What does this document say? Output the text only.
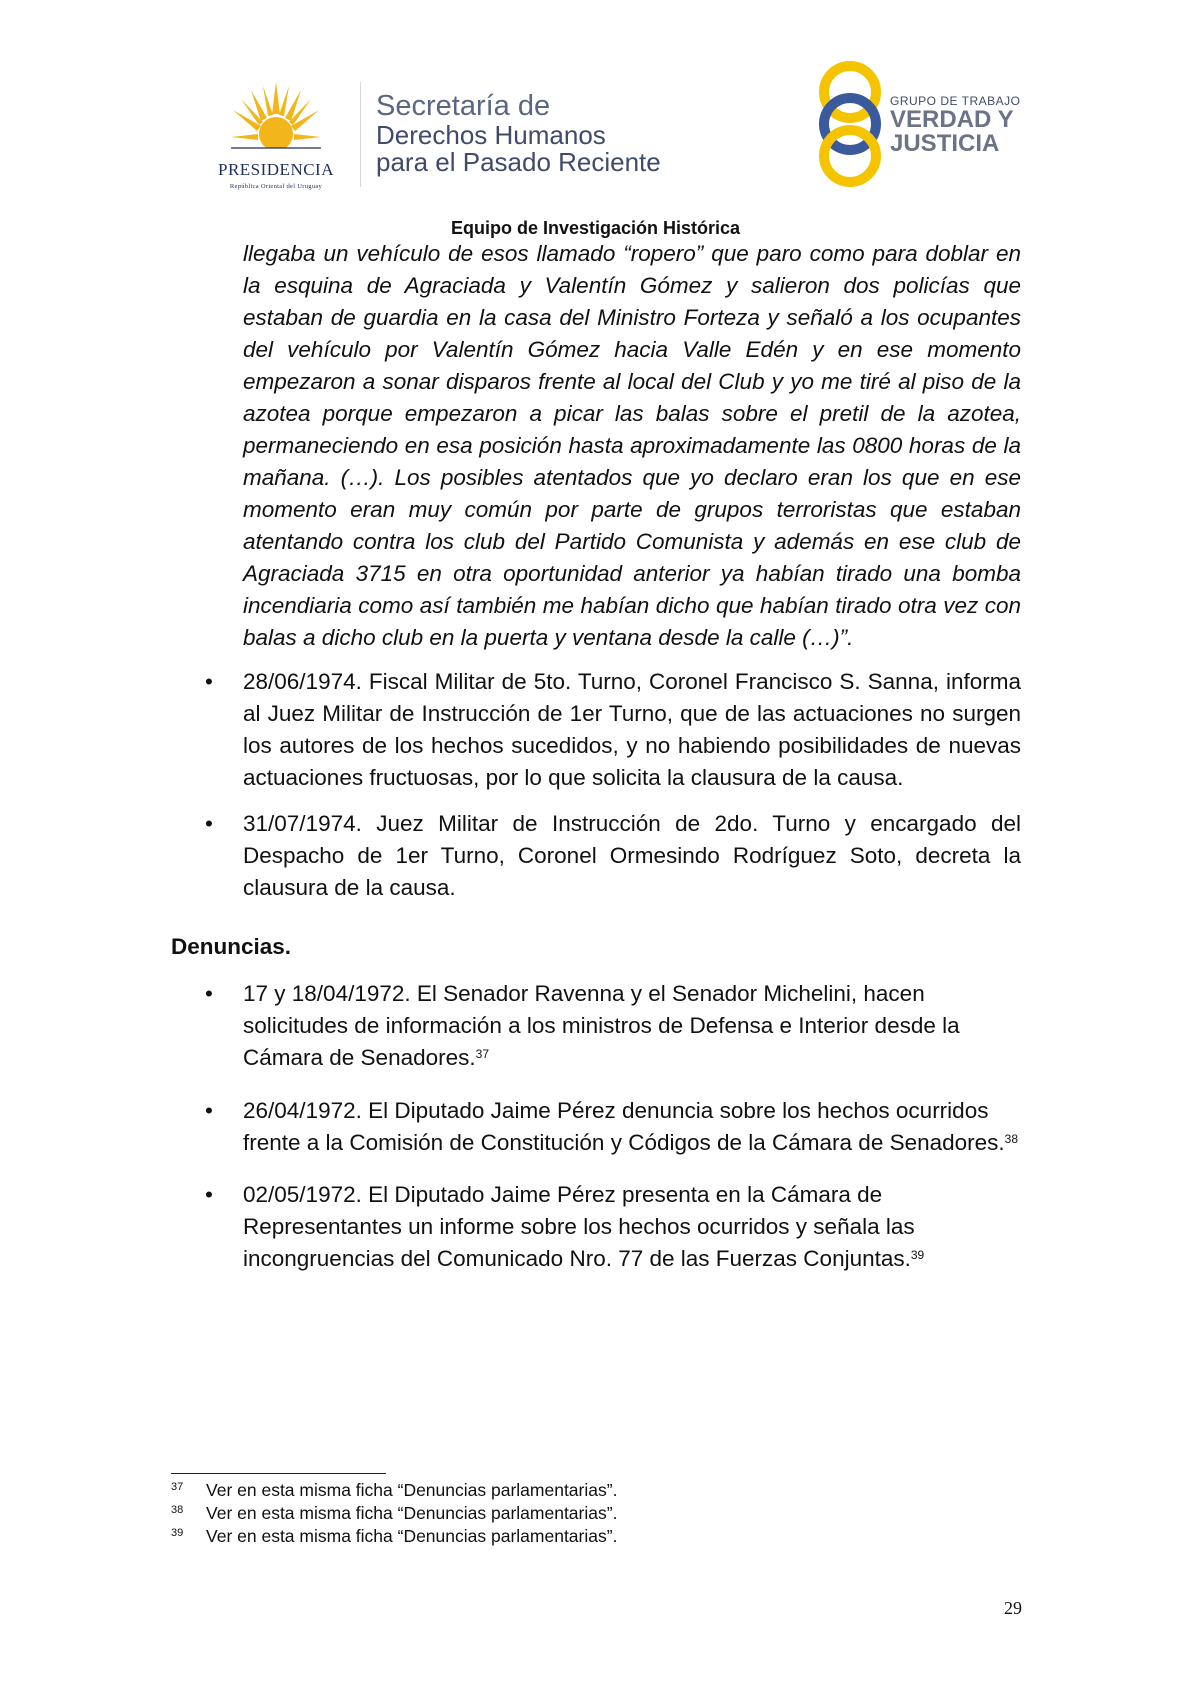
PRESIDENCIA
República Oriental del Uruguay
Secretaría de
Derechos Humanos
para el Pasado Reciente
GRUPO DE TRABAJO
VERDAD Y
JUSTICIA
Equipo de Investigación Histórica
llegaba un vehículo de esos llamado “ropero” que paro como para doblar en la esquina de Agraciada y Valentín Gómez y salieron dos policías que estaban de guardia en la casa del Ministro Forteza y señaló a los ocupantes del vehículo por Valentín Gómez hacia Valle Edén y en ese momento empezaron a sonar disparos frente al local del Club y yo me tiré al piso de la azotea porque empezaron a picar las balas sobre el pretil de la azotea, permaneciendo en esa posición hasta aproximadamente las 0800 horas de la mañana. (…). Los posibles atentados que yo declaro eran los que en ese momento eran muy común por parte de grupos terroristas que estaban atentando contra los club del Partido Comunista y además en ese club de Agraciada 3715 en otra oportunidad anterior ya habían tirado una bomba incendiaria como así también me habían dicho que habían tirado otra vez con balas a dicho club en la puerta y ventana desde la calle (…)”.
• 28/06/1974. Fiscal Militar de 5to. Turno, Coronel Francisco S. Sanna, informa al Juez Militar de Instrucción de 1er Turno, que de las actuaciones no surgen los autores de los hechos sucedidos, y no habiendo posibilidades de nuevas actuaciones fructuosas, por lo que solicita la clausura de la causa.
• 31/07/1974. Juez Militar de Instrucción de 2do. Turno y encargado del Despacho de 1er Turno, Coronel Ormesindo Rodríguez Soto, decreta la clausura de la causa.
Denuncias.
• 17 y 18/04/1972. El Senador Ravenna y el Senador Michelini, hacen solicitudes de información a los ministros de Defensa e Interior desde la Cámara de Senadores.$^{37}$
• 26/04/1972. El Diputado Jaime Pérez denuncia sobre los hechos ocurridos frente a la Comisión de Constitución y Códigos de la Cámara de Senadores.$^{38}$
• 02/05/1972. El Diputado Jaime Pérez presenta en la Cámara de Representantes un informe sobre los hechos ocurridos y señala las incongruencias del Comunicado Nro. 77 de las Fuerzas Conjuntas.$^{39}$
37 Ver en esta misma ficha “Denuncias parlamentarias”.
38 Ver en esta misma ficha “Denuncias parlamentarias”.
39 Ver en esta misma ficha “Denuncias parlamentarias”.
29
